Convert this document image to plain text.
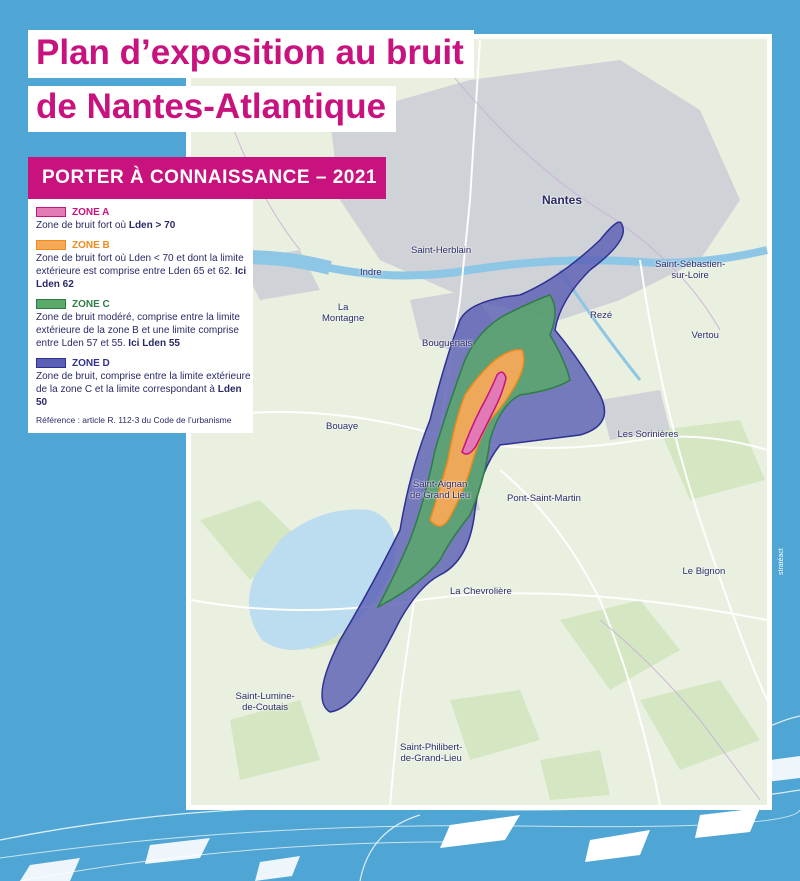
Plan d’exposition au bruit
de Nantes-Atlantique
PORTER À CONNAISSANCE – 2021
ZONE A
Zone de bruit fort où Lden > 70
ZONE B
Zone de bruit fort où Lden < 70 et dont la limite extérieure est comprise entre Lden 65 et 62. Ici Lden 62
ZONE C
Zone de bruit modéré, comprise entre la limite extérieure de la zone B et une limite comprise entre Lden 57 et 55. Ici Lden 55
ZONE D
Zone de bruit, comprise entre la limite extérieure de la zone C et la limite correspondant à Lden 50
Référence : article R. 112-3 du Code de l’urbanisme
Nantes
Saint-Herblain
Indre
Saint-Sébastien-
sur-Loire
La
Montagne	Rezé
Vertou
Bouguenais
Bouaye
Les Sorinières
Saint-Aignan
de Grand Lieu	Pont-Saint-Martin
La Chevrolière
Le Bignon
Saint-Lumine-
de-Coutais
Saint-Philibert-
de-Grand-Lieu
stratéact
